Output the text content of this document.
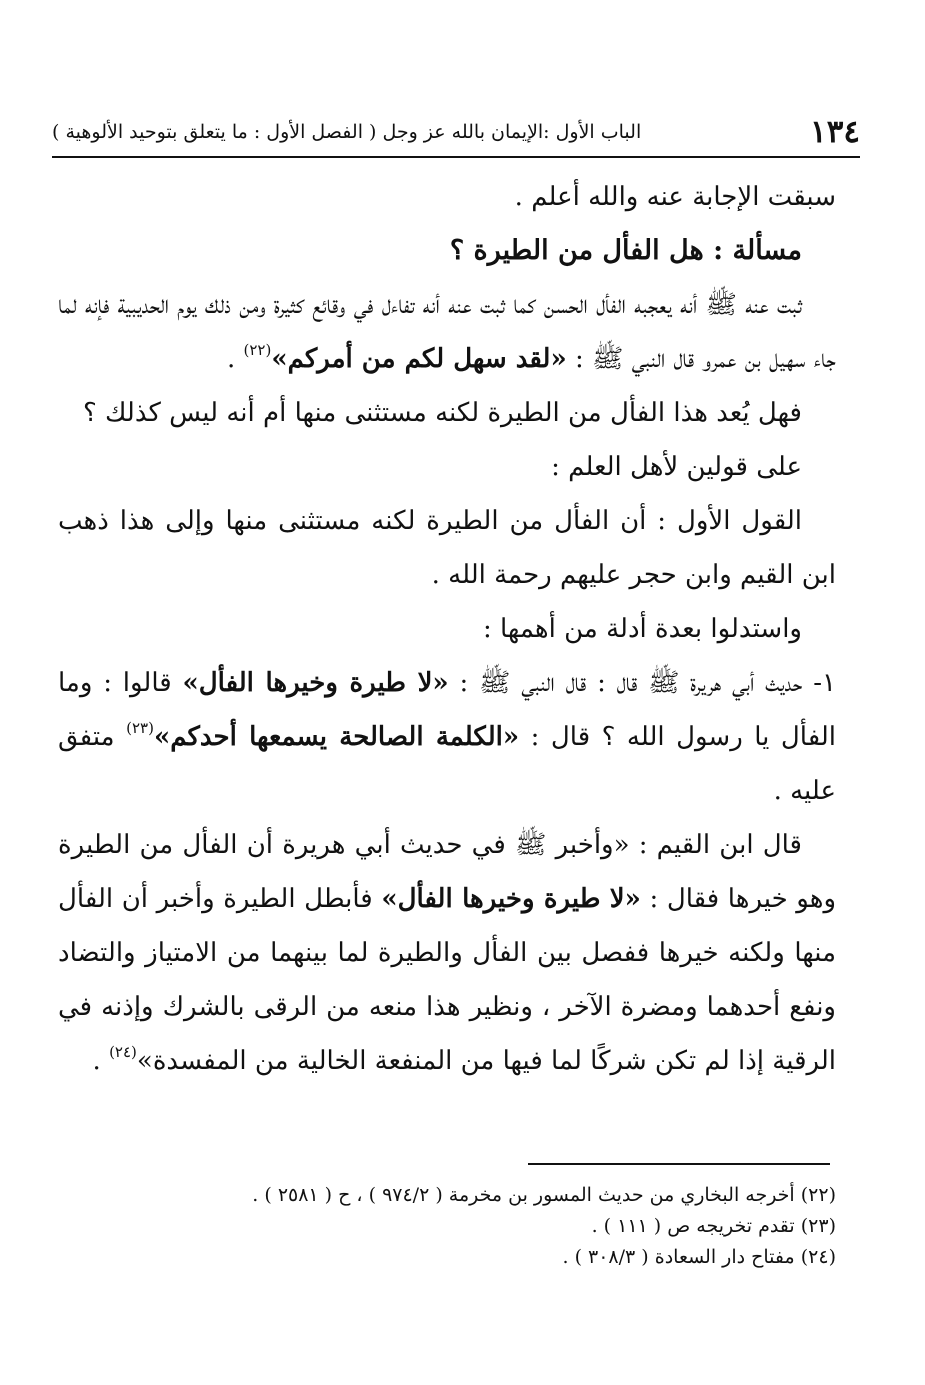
١٣٤
الباب الأول :الإيمان بالله عز وجل ( الفصل الأول : ما يتعلق بتوحيد الألوهية )

سبقت الإجابة عنه والله أعلم .

مسألة : هل الفأل من الطيرة ؟

ثبت عنه ﷺ أنه يعجبه الفأل الحسن كما ثبت عنه أنه تفاءل في وقائع كثيرة ومن ذلك يوم الحديبية فإنه لما جاء سهيل بن عمرو قال النبي ﷺ : «لقد سهل لكم من أمركم»$^{(٢٢)}$ .

فهل يُعد هذا الفأل من الطيرة لكنه مستثنى منها أم أنه ليس كذلك ؟

على قولين لأهل العلم :

القول الأول : أن الفأل من الطيرة لكنه مستثنى منها وإلى هذا ذهب ابن القيم وابن حجر عليهم رحمة الله .

واستدلوا بعدة أدلة من أهمها :

١- حديث أبي هريرة ﷺ قال : قال النبي ﷺ : «لا طيرة وخيرها الفأل» قالوا : وما الفأل يا رسول الله ؟ قال : «الكلمة الصالحة يسمعها أحدكم»$^{(٢٣)}$ متفق عليه .

قال ابن القيم : «وأخبر ﷺ في حديث أبي هريرة أن الفأل من الطيرة وهو خيرها فقال : «لا طيرة وخيرها الفأل» فأبطل الطيرة وأخبر أن الفأل منها ولكنه خيرها ففصل بين الفأل والطيرة لما بينهما من الامتياز والتضاد ونفع أحدهما ومضرة الآخر ، ونظير هذا منعه من الرقى بالشرك وإذنه في الرقية إذا لم تكن شركًا لما فيها من المنفعة الخالية من المفسدة»$^{(٢٤)}$ .

(٢٢) أخرجه البخاري من حديث المسور بن مخرمة ( ٩٧٤/٢ ) ، ح ( ٢٥٨١ ) .

(٢٣) تقدم تخريجه ص ( ١١١ ) .

(٢٤) مفتاح دار السعادة ( ٣٠٨/٣ ) .
